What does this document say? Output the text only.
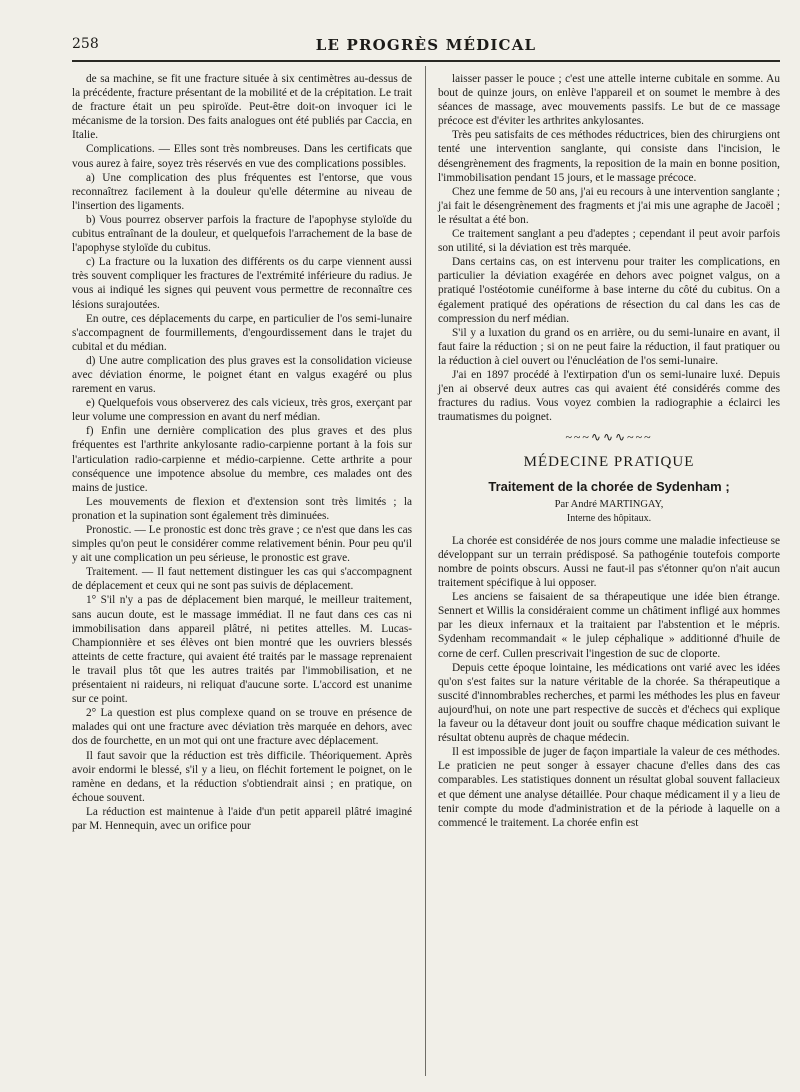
258	LE PROGRÈS MÉDICAL

de sa machine, se fit une fracture située à six centimètres au-dessus de la précédente, fracture présentant de la mobilité et de la crépitation. Le trait de fracture était un peu spiroïde. Peut-être doit-on invoquer ici le mécanisme de la torsion. Des faits analogues ont été publiés par Caccia, en Italie.

Complications. — Elles sont très nombreuses. Dans les certificats que vous aurez à faire, soyez très réservés en vue des complications possibles.

a) Une complication des plus fréquentes est l'entorse, que vous reconnaîtrez facilement à la douleur qu'elle détermine au niveau de l'insertion des ligaments.

b) Vous pourrez observer parfois la fracture de l'apophyse styloïde du cubitus entraînant de la douleur, et quelquefois l'arrachement de la base de l'apophyse styloïde du cubitus.

c) La fracture ou la luxation des différents os du carpe viennent aussi très souvent compliquer les fractures de l'extrémité inférieure du radius. Je vous ai indiqué les signes qui peuvent vous permettre de reconnaître ces lésions surajoutées.

En outre, ces déplacements du carpe, en particulier de l'os semi-lunaire s'accompagnent de fourmillements, d'engourdissement dans le trajet du cubital et du médian.

d) Une autre complication des plus graves est la consolidation vicieuse avec déviation énorme, le poignet étant en valgus exagéré ou plus rarement en varus.

e) Quelquefois vous observerez des cals vicieux, très gros, exerçant par leur volume une compression en avant du nerf médian.

f) Enfin une dernière complication des plus graves et des plus fréquentes est l'arthrite ankylosante radio-carpienne portant à la fois sur l'articulation radio-carpienne et médio-carpienne. Cette arthrite a pour conséquence une impotence absolue du membre, ces malades ont des mains de justice.

Les mouvements de flexion et d'extension sont très limités ; la pronation et la supination sont également très diminuées.

Pronostic. — Le pronostic est donc très grave ; ce n'est que dans les cas simples qu'on peut le considérer comme relativement bénin. Pour peu qu'il y ait une complication un peu sérieuse, le pronostic est grave.

Traitement. — Il faut nettement distinguer les cas qui s'accompagnent de déplacement et ceux qui ne sont pas suivis de déplacement.

1° S'il n'y a pas de déplacement bien marqué, le meilleur traitement, sans aucun doute, est le massage immédiat. Il ne faut dans ces cas ni immobilisation dans appareil plâtré, ni petites attelles. M. Lucas-Championnière et ses élèves ont bien montré que les ouvriers blessés atteints de cette fracture, qui avaient été traités par le massage reprenaient le travail plus tôt que les autres traités par l'immobilisation, et ne présentaient ni raideurs, ni reliquat d'aucune sorte. L'accord est unanime sur ce point.

2° La question est plus complexe quand on se trouve en présence de malades qui ont une fracture avec déviation très marquée en dehors, avec dos de fourchette, en un mot qui ont une fracture avec déplacement.

Il faut savoir que la réduction est très difficile. Théoriquement. Après avoir endormi le blessé, s'il y a lieu, on fléchit fortement le poignet, on le ramène en dedans, et la réduction s'obtiendrait ainsi ; en pratique, on échoue souvent.

La réduction est maintenue à l'aide d'un petit appareil plâtré imaginé par M. Hennequin, avec un orifice pour

laisser passer le pouce ; c'est une attelle interne cubitale en somme. Au bout de quinze jours, on enlève l'appareil et on soumet le membre à des séances de massage, avec mouvements passifs. Le but de ce massage précoce est d'éviter les arthrites ankylosantes.

Très peu satisfaits de ces méthodes réductrices, bien des chirurgiens ont tenté une intervention sanglante, qui consiste dans l'incision, le désengrènement des fragments, la reposition de la main en bonne position, l'immobilisation pendant 15 jours, et le massage précoce.

Chez une femme de 50 ans, j'ai eu recours à une intervention sanglante ; j'ai fait le désengrènement des fragments et j'ai mis une agraphe de Jacoël ; le résultat a été bon.

Ce traitement sanglant a peu d'adeptes ; cependant il peut avoir parfois son utilité, si la déviation est très marquée.

Dans certains cas, on est intervenu pour traiter les complications, en particulier la déviation exagérée en dehors avec poignet valgus, on a pratiqué l'ostéotomie cunéiforme à base interne du côté du cubitus. On a également pratiqué des opérations de résection du cal dans les cas de compression du nerf médian.

S'il y a luxation du grand os en arrière, ou du semi-lunaire en avant, il faut faire la réduction ; si on ne peut faire la réduction, il faut pratiquer ou la réduction à ciel ouvert ou l'énucléation de l'os semi-lunaire.

J'ai en 1897 procédé à l'extirpation d'un os semi-lunaire luxé. Depuis j'en ai observé deux autres cas qui avaient été considérés comme des fractures du radius. Vous voyez combien la radiographie a éclairci les traumatismes du poignet.

~~~∿∿∿~~~
MÉDECINE PRATIQUE
Traitement de la chorée de Sydenham ;
Par André MARTINGAY,
Interne des hôpitaux.

La chorée est considérée de nos jours comme une maladie infectieuse se développant sur un terrain prédisposé. Sa pathogénie toutefois comporte nombre de points obscurs. Aussi ne faut-il pas s'étonner qu'on n'ait aucun traitement spécifique à lui opposer.

Les anciens se faisaient de sa thérapeutique une idée bien étrange. Sennert et Willis la considéraient comme un châtiment infligé aux hommes par les dieux infernaux et la traitaient par l'abstention et le mépris. Sydenham recommandait « le julep céphalique » additionné d'huile de corne de cerf. Cullen prescrivait l'ingestion de suc de cloporte.

Depuis cette époque lointaine, les médications ont varié avec les idées qu'on s'est faites sur la nature véritable de la chorée. Sa thérapeutique a suscité d'innombrables recherches, et parmi les méthodes les plus en faveur aujourd'hui, on note une part respective de succès et d'échecs qui explique la faveur ou la détaveur dont jouit ou souffre chaque médication suivant le résultat obtenu auprès de chaque médecin.

Il est impossible de juger de façon impartiale la valeur de ces méthodes. Le praticien ne peut songer à essayer chacune d'elles dans des cas comparables. Les statistiques donnent un résultat global souvent fallacieux et que dément une analyse détaillée. Pour chaque médicament il y a lieu de tenir compte du mode d'administration et de la période à laquelle on a commencé le traitement. La chorée enfin est
